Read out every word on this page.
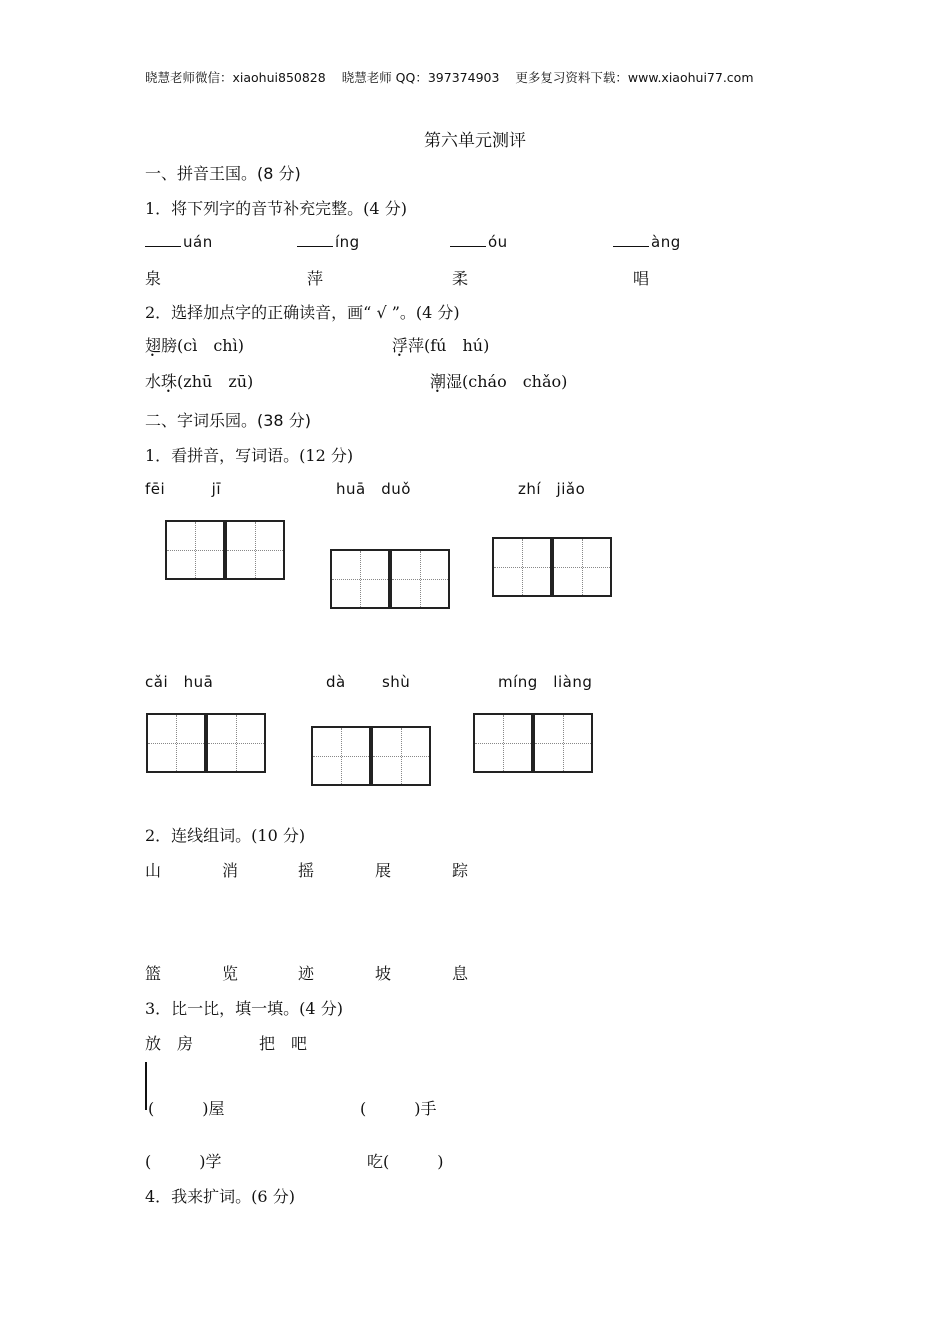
晓慧老师微信：xiaohui850828 晓慧老师 QQ：397374903 更多复习资料下载：www.xiaohui77.com
第六单元测评
一、拼音王国。(8 分)
1．将下列字的音节补充完整。(4 分)
uán	íng	óu	àng
泉	萍	柔	唱
2．选择加点字的正确读音，画“ √ ”。(4 分)
翅膀(cì　chì)	浮萍(fú　hú)
水珠(zhū　zū)	潮湿(cháo　chǎo)
二、字词乐园。(38 分)
1．看拼音，写词语。(12 分)
fēi　　　jī	huā　duǒ	zhí　jiǎo
cǎi　huā	dà　　 shù	míng　liàng
2．连线组词。(10 分)
山	消	摇	展	踪
篮	览	迹	坡	息
3．比一比，填一填。(4 分)
放　房	把　吧
(　　　)屋	(　　　)手
(　　　)学	吃(　　　)
4．我来扩词。(6 分)
